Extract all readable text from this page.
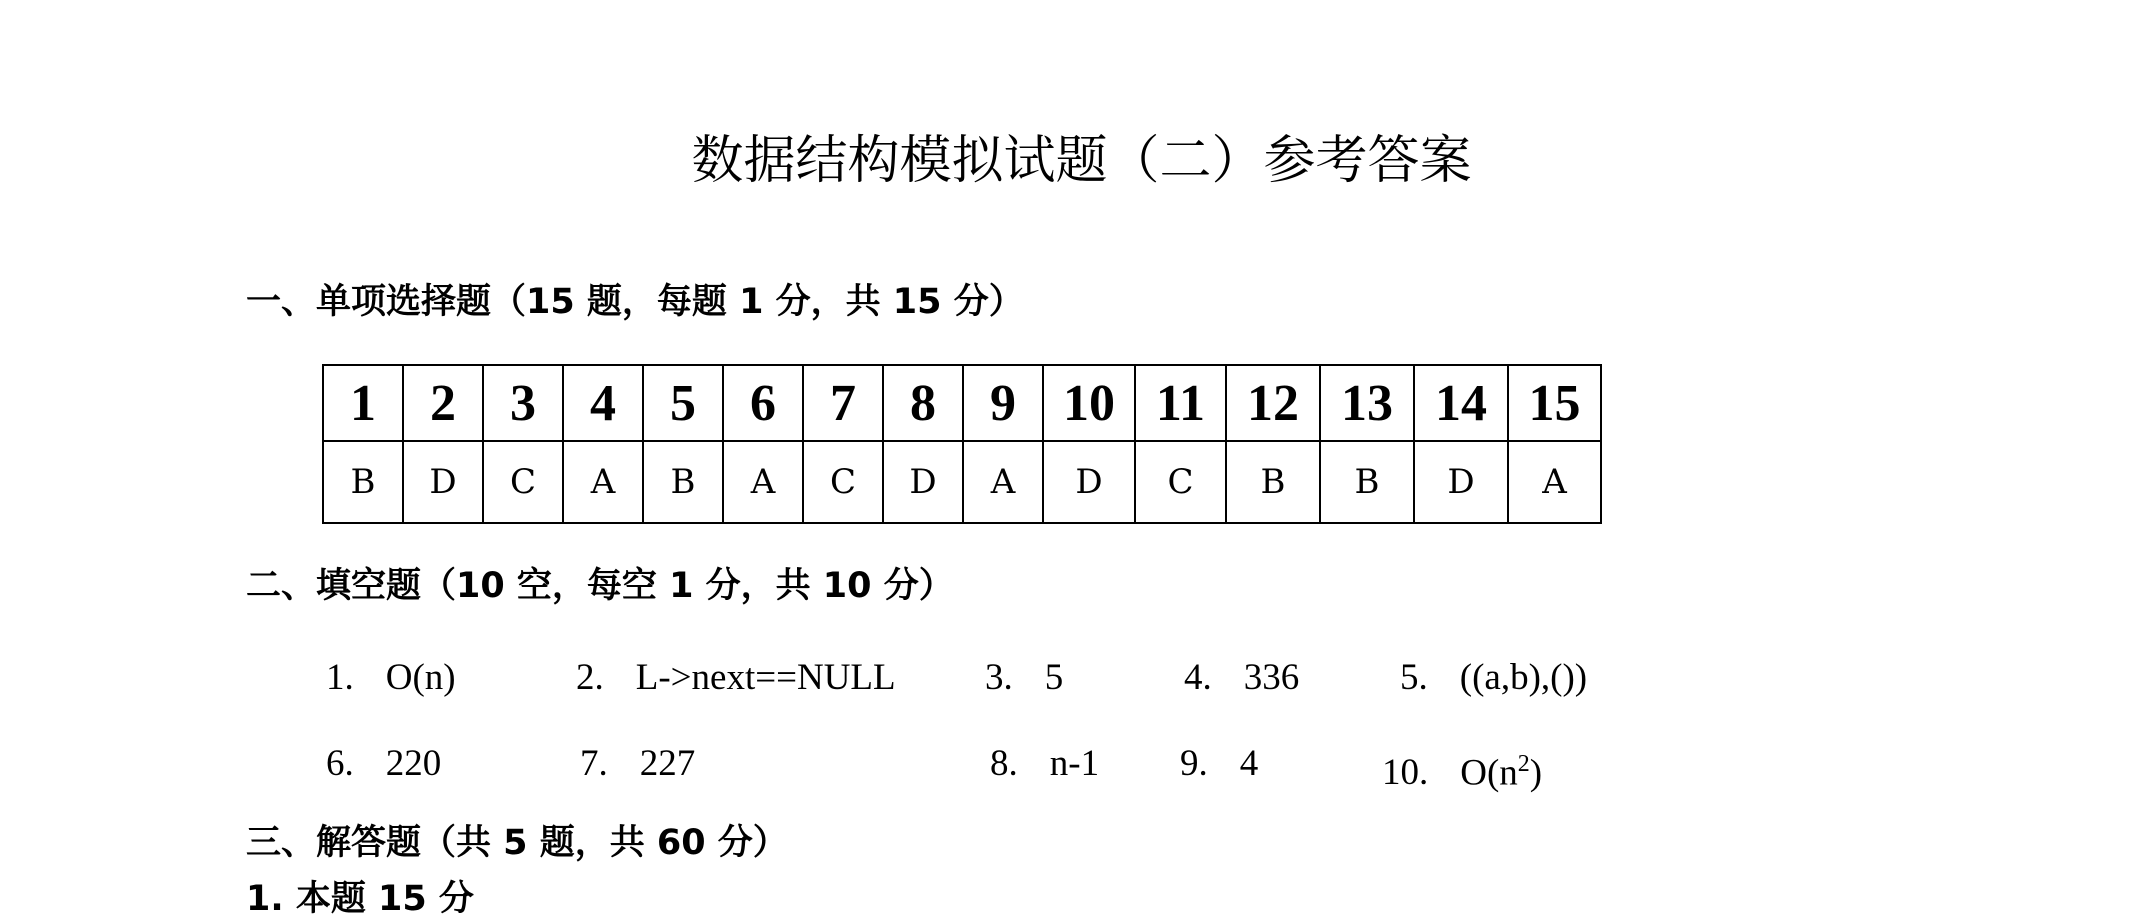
数据结构模拟试题（二）参考答案
一、单项选择题（15 题，每题 1 分，共 15 分）
1	2	3	4	5	6	7	8	9	10	11	12	13	14	15
B	D	C	A	B	A	C	D	A	D	C	B	B	D	A
二、填空题（10 空，每空 1 分，共 10 分）
1. O(n)	2. L->next==NULL 3. 5	4. 336	5. ((a,b),())
6. 220	7. 227	8. n-1 9. 4	10. $O(n^2)$
三、解答题（共 5 题，共 60 分）
1. 本题 15 分
